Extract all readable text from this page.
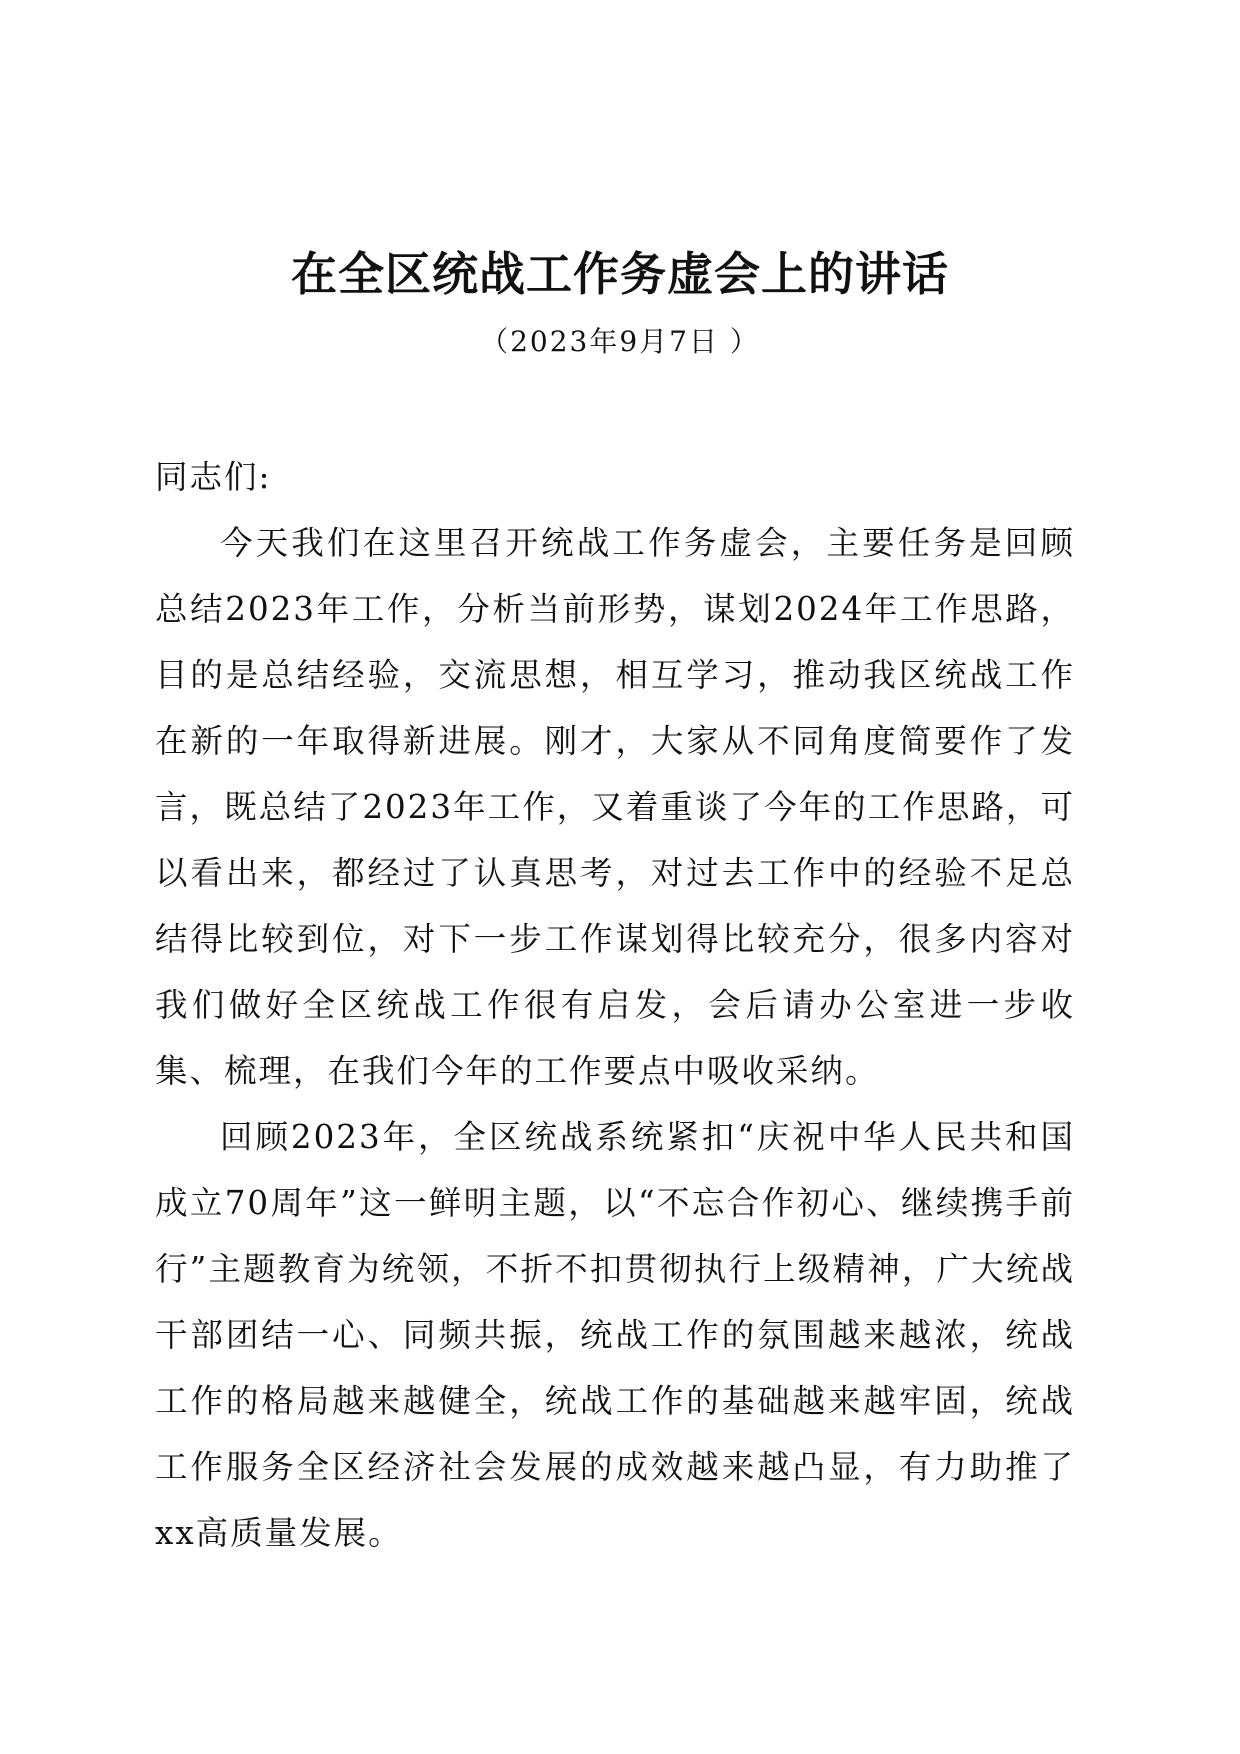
在全区统战工作务虚会上的讲话
（2023年9月7日 ）

同志们:

今天我们在这里召开统战工作务虚会，主要任务是回顾总结2023年工作，分析当前形势，谋划2024年工作思路，目的是总结经验，交流思想，相互学习，推动我区统战工作在新的一年取得新进展。刚才，大家从不同角度简要作了发言，既总结了2023年工作，又着重谈了今年的工作思路，可以看出来，都经过了认真思考，对过去工作中的经验不足总结得比较到位，对下一步工作谋划得比较充分，很多内容对我们做好全区统战工作很有启发，会后请办公室进一步收集、梳理，在我们今年的工作要点中吸收采纳。

回顾2023年，全区统战系统紧扣“庆祝中华人民共和国成立70周年”这一鲜明主题，以“不忘合作初心、继续携手前行”主题教育为统领，不折不扣贯彻执行上级精神，广大统战干部团结一心、同频共振，统战工作的氛围越来越浓，统战工作的格局越来越健全，统战工作的基础越来越牢固，统战工作服务全区经济社会发展的成效越来越凸显，有力助推了xx高质量发展。
